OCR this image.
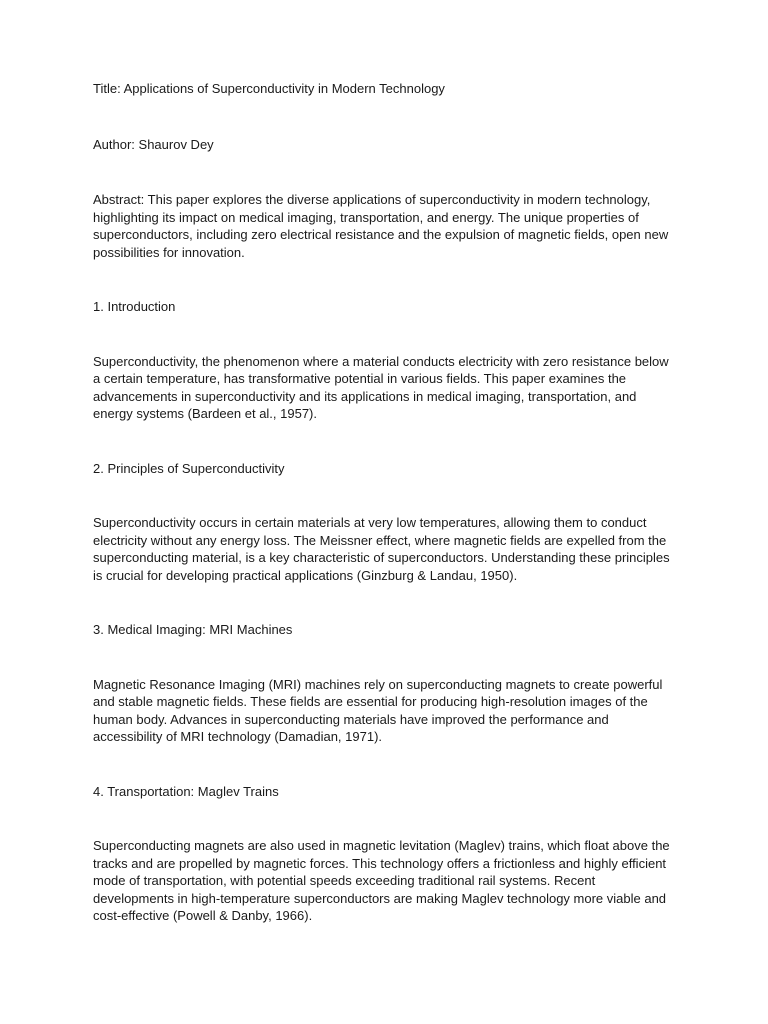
Title: Applications of Superconductivity in Modern Technology

Author: Shaurov Dey

Abstract: This paper explores the diverse applications of superconductivity in modern technology, highlighting its impact on medical imaging, transportation, and energy. The unique properties of superconductors, including zero electrical resistance and the expulsion of magnetic fields, open new possibilities for innovation.

1. Introduction

Superconductivity, the phenomenon where a material conducts electricity with zero resistance below a certain temperature, has transformative potential in various fields. This paper examines the advancements in superconductivity and its applications in medical imaging, transportation, and energy systems (Bardeen et al., 1957).

2. Principles of Superconductivity

Superconductivity occurs in certain materials at very low temperatures, allowing them to conduct electricity without any energy loss. The Meissner effect, where magnetic fields are expelled from the superconducting material, is a key characteristic of superconductors. Understanding these principles is crucial for developing practical applications (Ginzburg & Landau, 1950).

3. Medical Imaging: MRI Machines

Magnetic Resonance Imaging (MRI) machines rely on superconducting magnets to create powerful and stable magnetic fields. These fields are essential for producing high-resolution images of the human body. Advances in superconducting materials have improved the performance and accessibility of MRI technology (Damadian, 1971).

4. Transportation: Maglev Trains

Superconducting magnets are also used in magnetic levitation (Maglev) trains, which float above the tracks and are propelled by magnetic forces. This technology offers a frictionless and highly efficient mode of transportation, with potential speeds exceeding traditional rail systems. Recent developments in high-temperature superconductors are making Maglev technology more viable and cost-effective (Powell & Danby, 1966).
